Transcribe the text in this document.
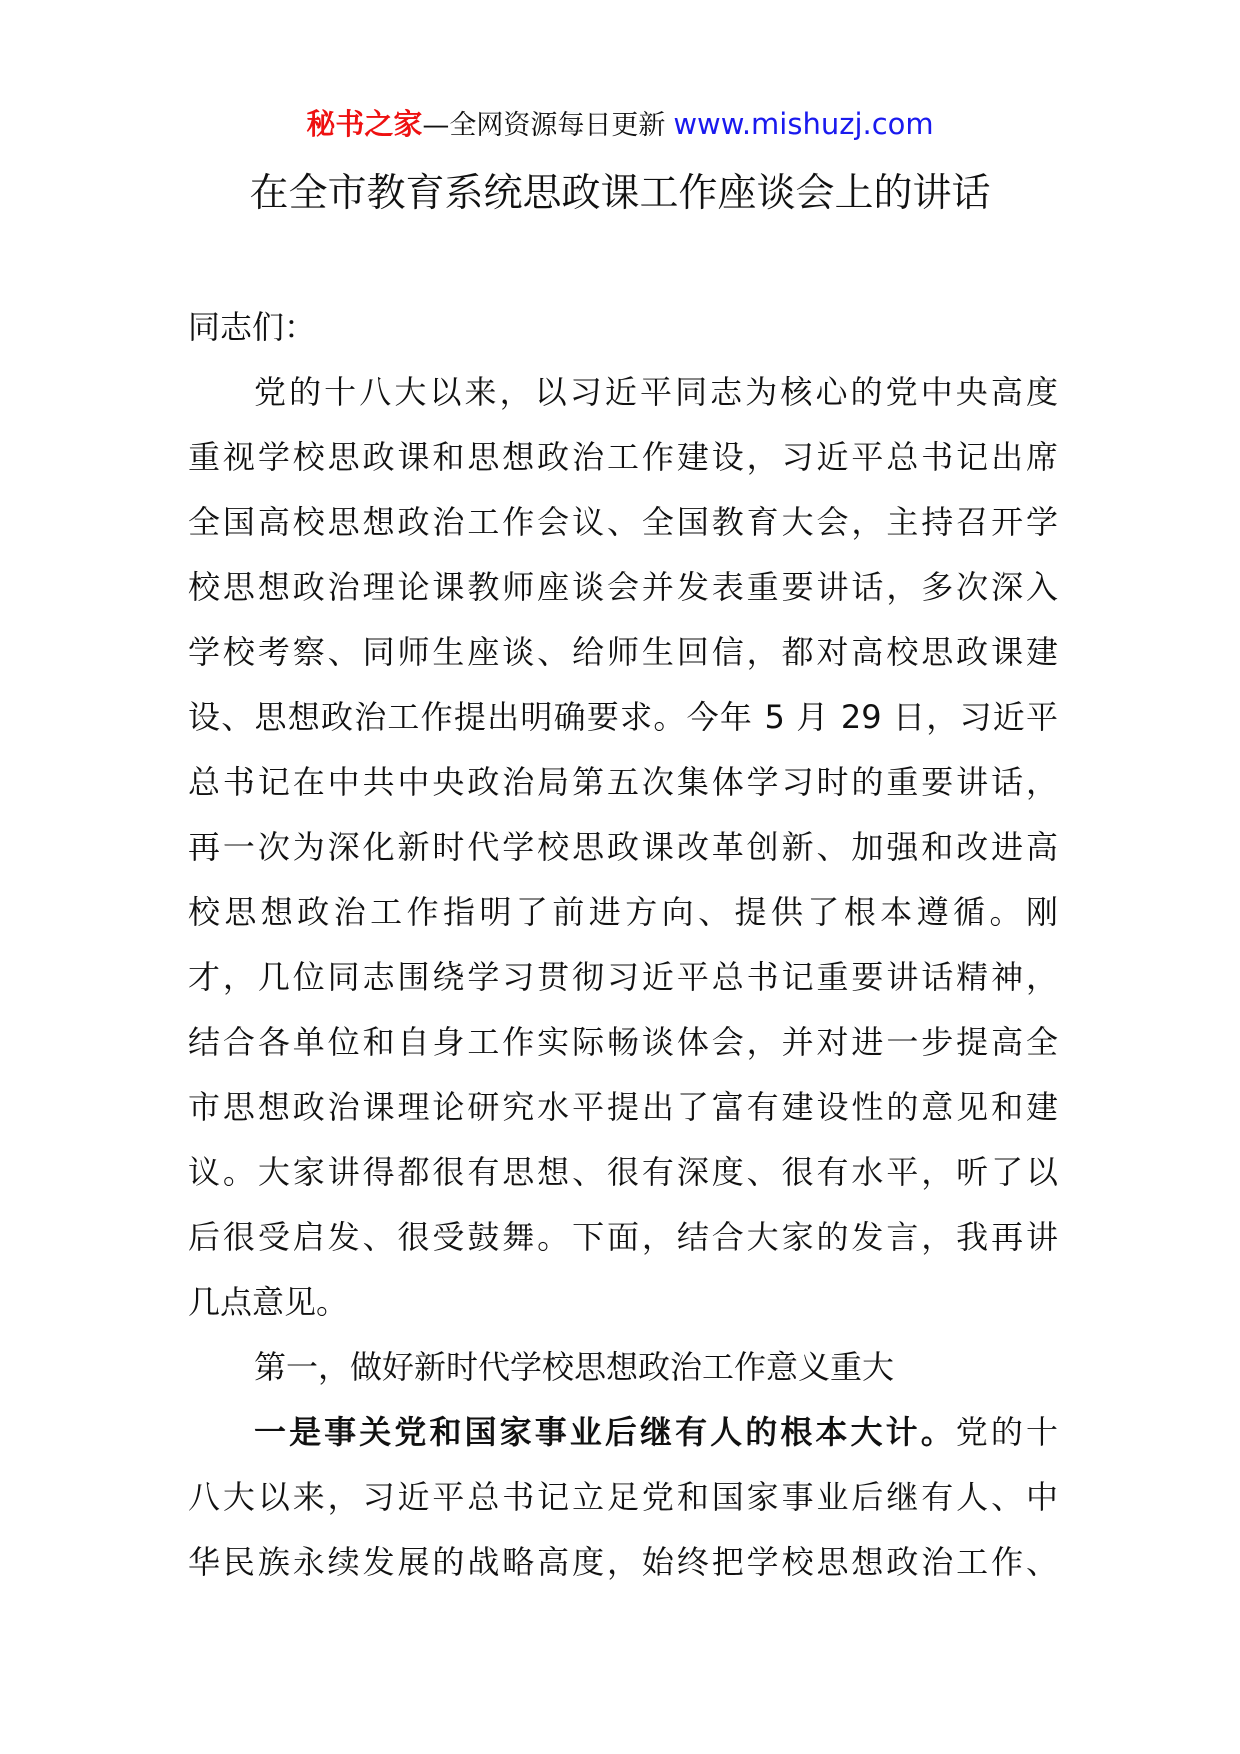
秘书之家—全网资源每日更新 www.mishuzj.com
在全市教育系统思政课工作座谈会上的讲话
同志们：
党的十八大以来，以习近平同志为核心的党中央高度
重视学校思政课和思想政治工作建设，习近平总书记出席
全国高校思想政治工作会议、全国教育大会，主持召开学
校思想政治理论课教师座谈会并发表重要讲话，多次深入
学校考察、同师生座谈、给师生回信，都对高校思政课建
设、思想政治工作提出明确要求。今年 5 月 29 日，习近平
总书记在中共中央政治局第五次集体学习时的重要讲话，
再一次为深化新时代学校思政课改革创新、加强和改进高
校思想政治工作指明了前进方向、提供了根本遵循。刚
才，几位同志围绕学习贯彻习近平总书记重要讲话精神，
结合各单位和自身工作实际畅谈体会，并对进一步提高全
市思想政治课理论研究水平提出了富有建设性的意见和建
议。大家讲得都很有思想、很有深度、很有水平，听了以
后很受启发、很受鼓舞。下面，结合大家的发言，我再讲
几点意见。
第一，做好新时代学校思想政治工作意义重大
一是事关党和国家事业后继有人的根本大计。党的十
八大以来，习近平总书记立足党和国家事业后继有人、中
华民族永续发展的战略高度，始终把学校思想政治工作、
